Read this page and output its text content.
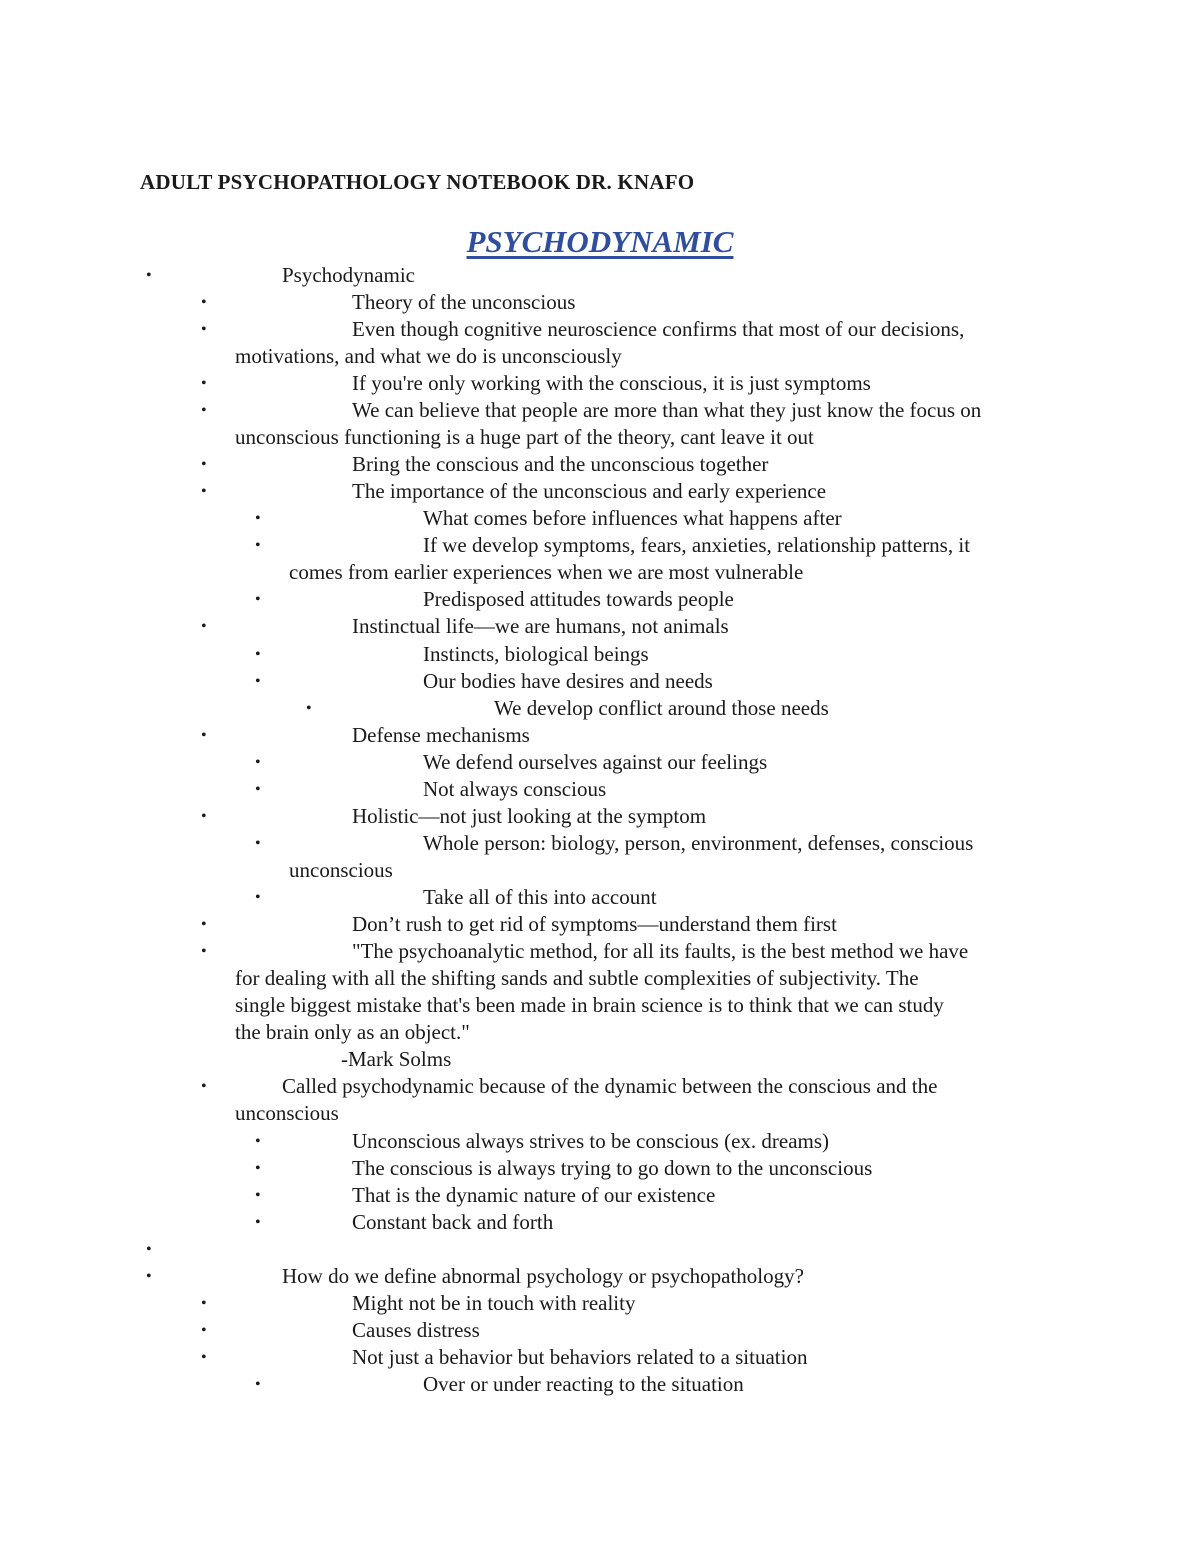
ADULT PSYCHOPATHOLOGY NOTEBOOK DR. KNAFO
PSYCHODYNAMIC
•	Psychodynamic
•	Theory of the unconscious
•	Even though cognitive neuroscience confirms that most of our decisions,
motivations, and what we do is unconsciously
•	If you're only working with the conscious, it is just symptoms
•	We can believe that people are more than what they just know the focus on
unconscious functioning is a huge part of the theory, cant leave it out
•	Bring the conscious and the unconscious together
•	The importance of the unconscious and early experience
•	What comes before influences what happens after
•	If we develop symptoms, fears, anxieties, relationship patterns, it
comes from earlier experiences when we are most vulnerable
•	Predisposed attitudes towards people
•	Instinctual life—we are humans, not animals
•	Instincts, biological beings
•	Our bodies have desires and needs
•	We develop conflict around those needs
•	Defense mechanisms
•	We defend ourselves against our feelings
•	Not always conscious
•	Holistic—not just looking at the symptom
•	Whole person: biology, person, environment, defenses, conscious
unconscious
•	Take all of this into account
•	Don’t rush to get rid of symptoms—understand them first
•	"The psychoanalytic method, for all its faults, is the best method we have
for dealing with all the shifting sands and subtle complexities of subjectivity. The
single biggest mistake that's been made in brain science is to think that we can study
the brain only as an object."
-Mark Solms
•	Called psychodynamic because of the dynamic between the conscious and the
unconscious
•	Unconscious always strives to be conscious (ex. dreams)
•	The conscious is always trying to go down to the unconscious
•	That is the dynamic nature of our existence
•	Constant back and forth
•
•	How do we define abnormal psychology or psychopathology?
•	Might not be in touch with reality
•	Causes distress
•	Not just a behavior but behaviors related to a situation
•	Over or under reacting to the situation
